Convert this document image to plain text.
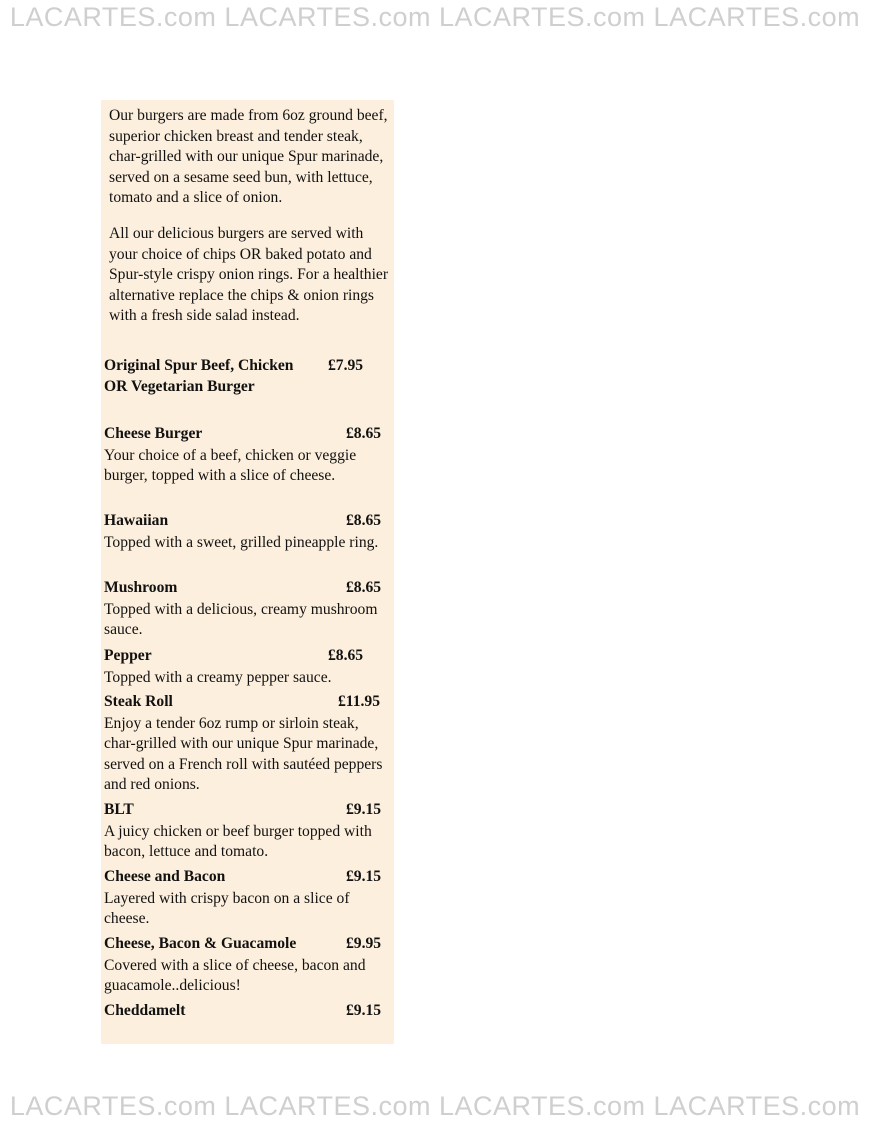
LACARTES.com LACARTES.com LACARTES.com LACARTES.com

Our burgers are made from 6oz ground beef, superior chicken breast and tender steak, char-grilled with our unique Spur marinade, served on a sesame seed bun, with lettuce, tomato and a slice of onion.

All our delicious burgers are served with your choice of chips OR baked potato and Spur-style crispy onion rings. For a healthier alternative replace the chips & onion rings with a fresh side salad instead.

Original Spur Beef, Chicken OR Vegetarian Burger
£7.95
Cheese Burger	£8.65

Your choice of a beef, chicken or veggie burger, topped with a slice of cheese.

Hawaiian	£8.65

Topped with a sweet, grilled pineapple ring.

Mushroom	£8.65

Topped with a delicious, creamy mushroom sauce.

Pepper	£8.65

Topped with a creamy pepper sauce.

Steak Roll	£11.95

Enjoy a tender 6oz rump or sirloin steak, char-grilled with our unique Spur marinade, served on a French roll with sautéed peppers and red onions.

BLT	£9.15

A juicy chicken or beef burger topped with bacon, lettuce and tomato.

Cheese and Bacon	£9.15

Layered with crispy bacon on a slice of cheese.

Cheese, Bacon & Guacamole	£9.95

Covered with a slice of cheese, bacon and guacamole..delicious!

Cheddamelt	£9.15
LACARTES.com LACARTES.com LACARTES.com LACARTES.com
